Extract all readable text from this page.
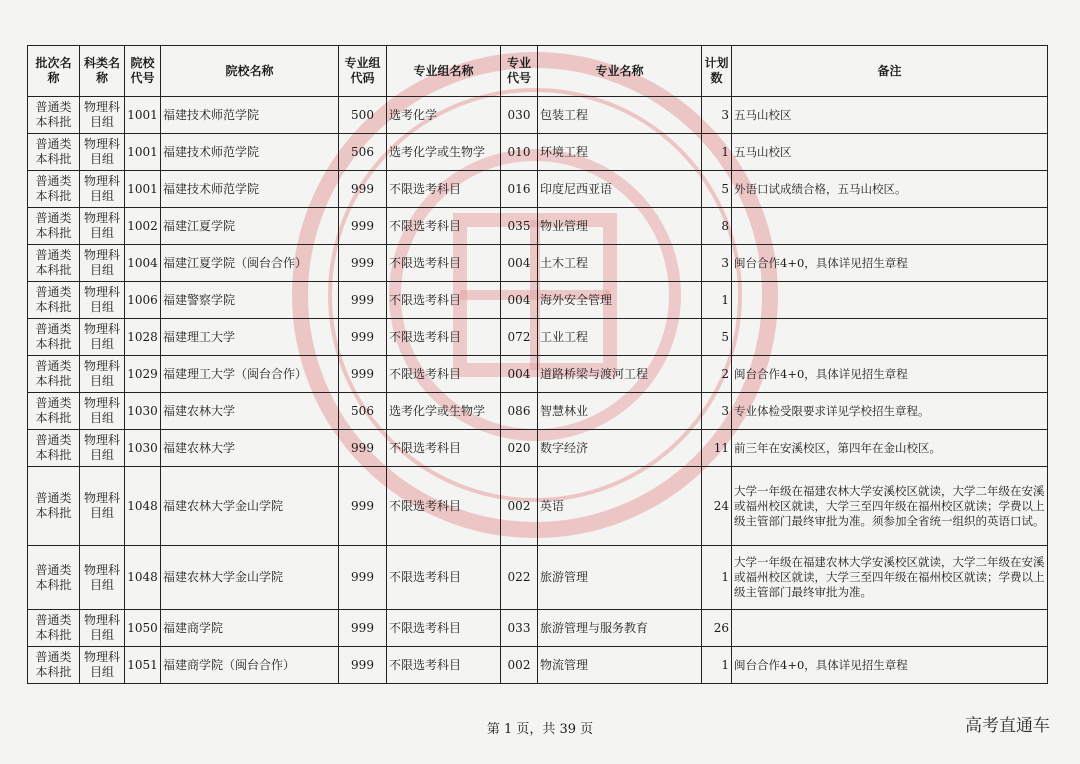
批次名称	科类名称	院校代号	院校名称	专业组代码	专业组名称	专业代号	专业名称	计划数	备注
普通类本科批	物理科目组	1001	福建技术师范学院	500	选考化学	030	包装工程	3	五马山校区
普通类本科批	物理科目组	1001	福建技术师范学院	506	选考化学或生物学	010	环境工程	1	五马山校区
普通类本科批	物理科目组	1001	福建技术师范学院	999	不限选考科目	016	印度尼西亚语	5	外语口试成绩合格，五马山校区。
普通类本科批	物理科目组	1002	福建江夏学院	999	不限选考科目	035	物业管理	8	
普通类本科批	物理科目组	1004	福建江夏学院（闽台合作）	999	不限选考科目	004	土木工程	3	闽台合作4+0，具体详见招生章程
普通类本科批	物理科目组	1006	福建警察学院	999	不限选考科目	004	海外安全管理	1	
普通类本科批	物理科目组	1028	福建理工大学	999	不限选考科目	072	工业工程	5	
普通类本科批	物理科目组	1029	福建理工大学（闽台合作）	999	不限选考科目	004	道路桥梁与渡河工程	2	闽台合作4+0，具体详见招生章程
普通类本科批	物理科目组	1030	福建农林大学	506	选考化学或生物学	086	智慧林业	3	专业体检受限要求详见学校招生章程。
普通类本科批	物理科目组	1030	福建农林大学	999	不限选考科目	020	数字经济	11	前三年在安溪校区，第四年在金山校区。
普通类本科批	物理科目组	1048	福建农林大学金山学院	999	不限选考科目	002	英语	24	大学一年级在福建农林大学安溪校区就读，大学二年级在安溪或福州校区就读，大学三至四年级在福州校区就读；学费以上级主管部门最终审批为准。须参加全省统一组织的英语口试。
普通类本科批	物理科目组	1048	福建农林大学金山学院	999	不限选考科目	022	旅游管理	1	大学一年级在福建农林大学安溪校区就读，大学二年级在安溪或福州校区就读，大学三至四年级在福州校区就读；学费以上级主管部门最终审批为准。
普通类本科批	物理科目组	1050	福建商学院	999	不限选考科目	033	旅游管理与服务教育	26	
普通类本科批	物理科目组	1051	福建商学院（闽台合作）	999	不限选考科目	002	物流管理	1	闽台合作4+0，具体详见招生章程
第 1 页，共 39 页	高考直通车
